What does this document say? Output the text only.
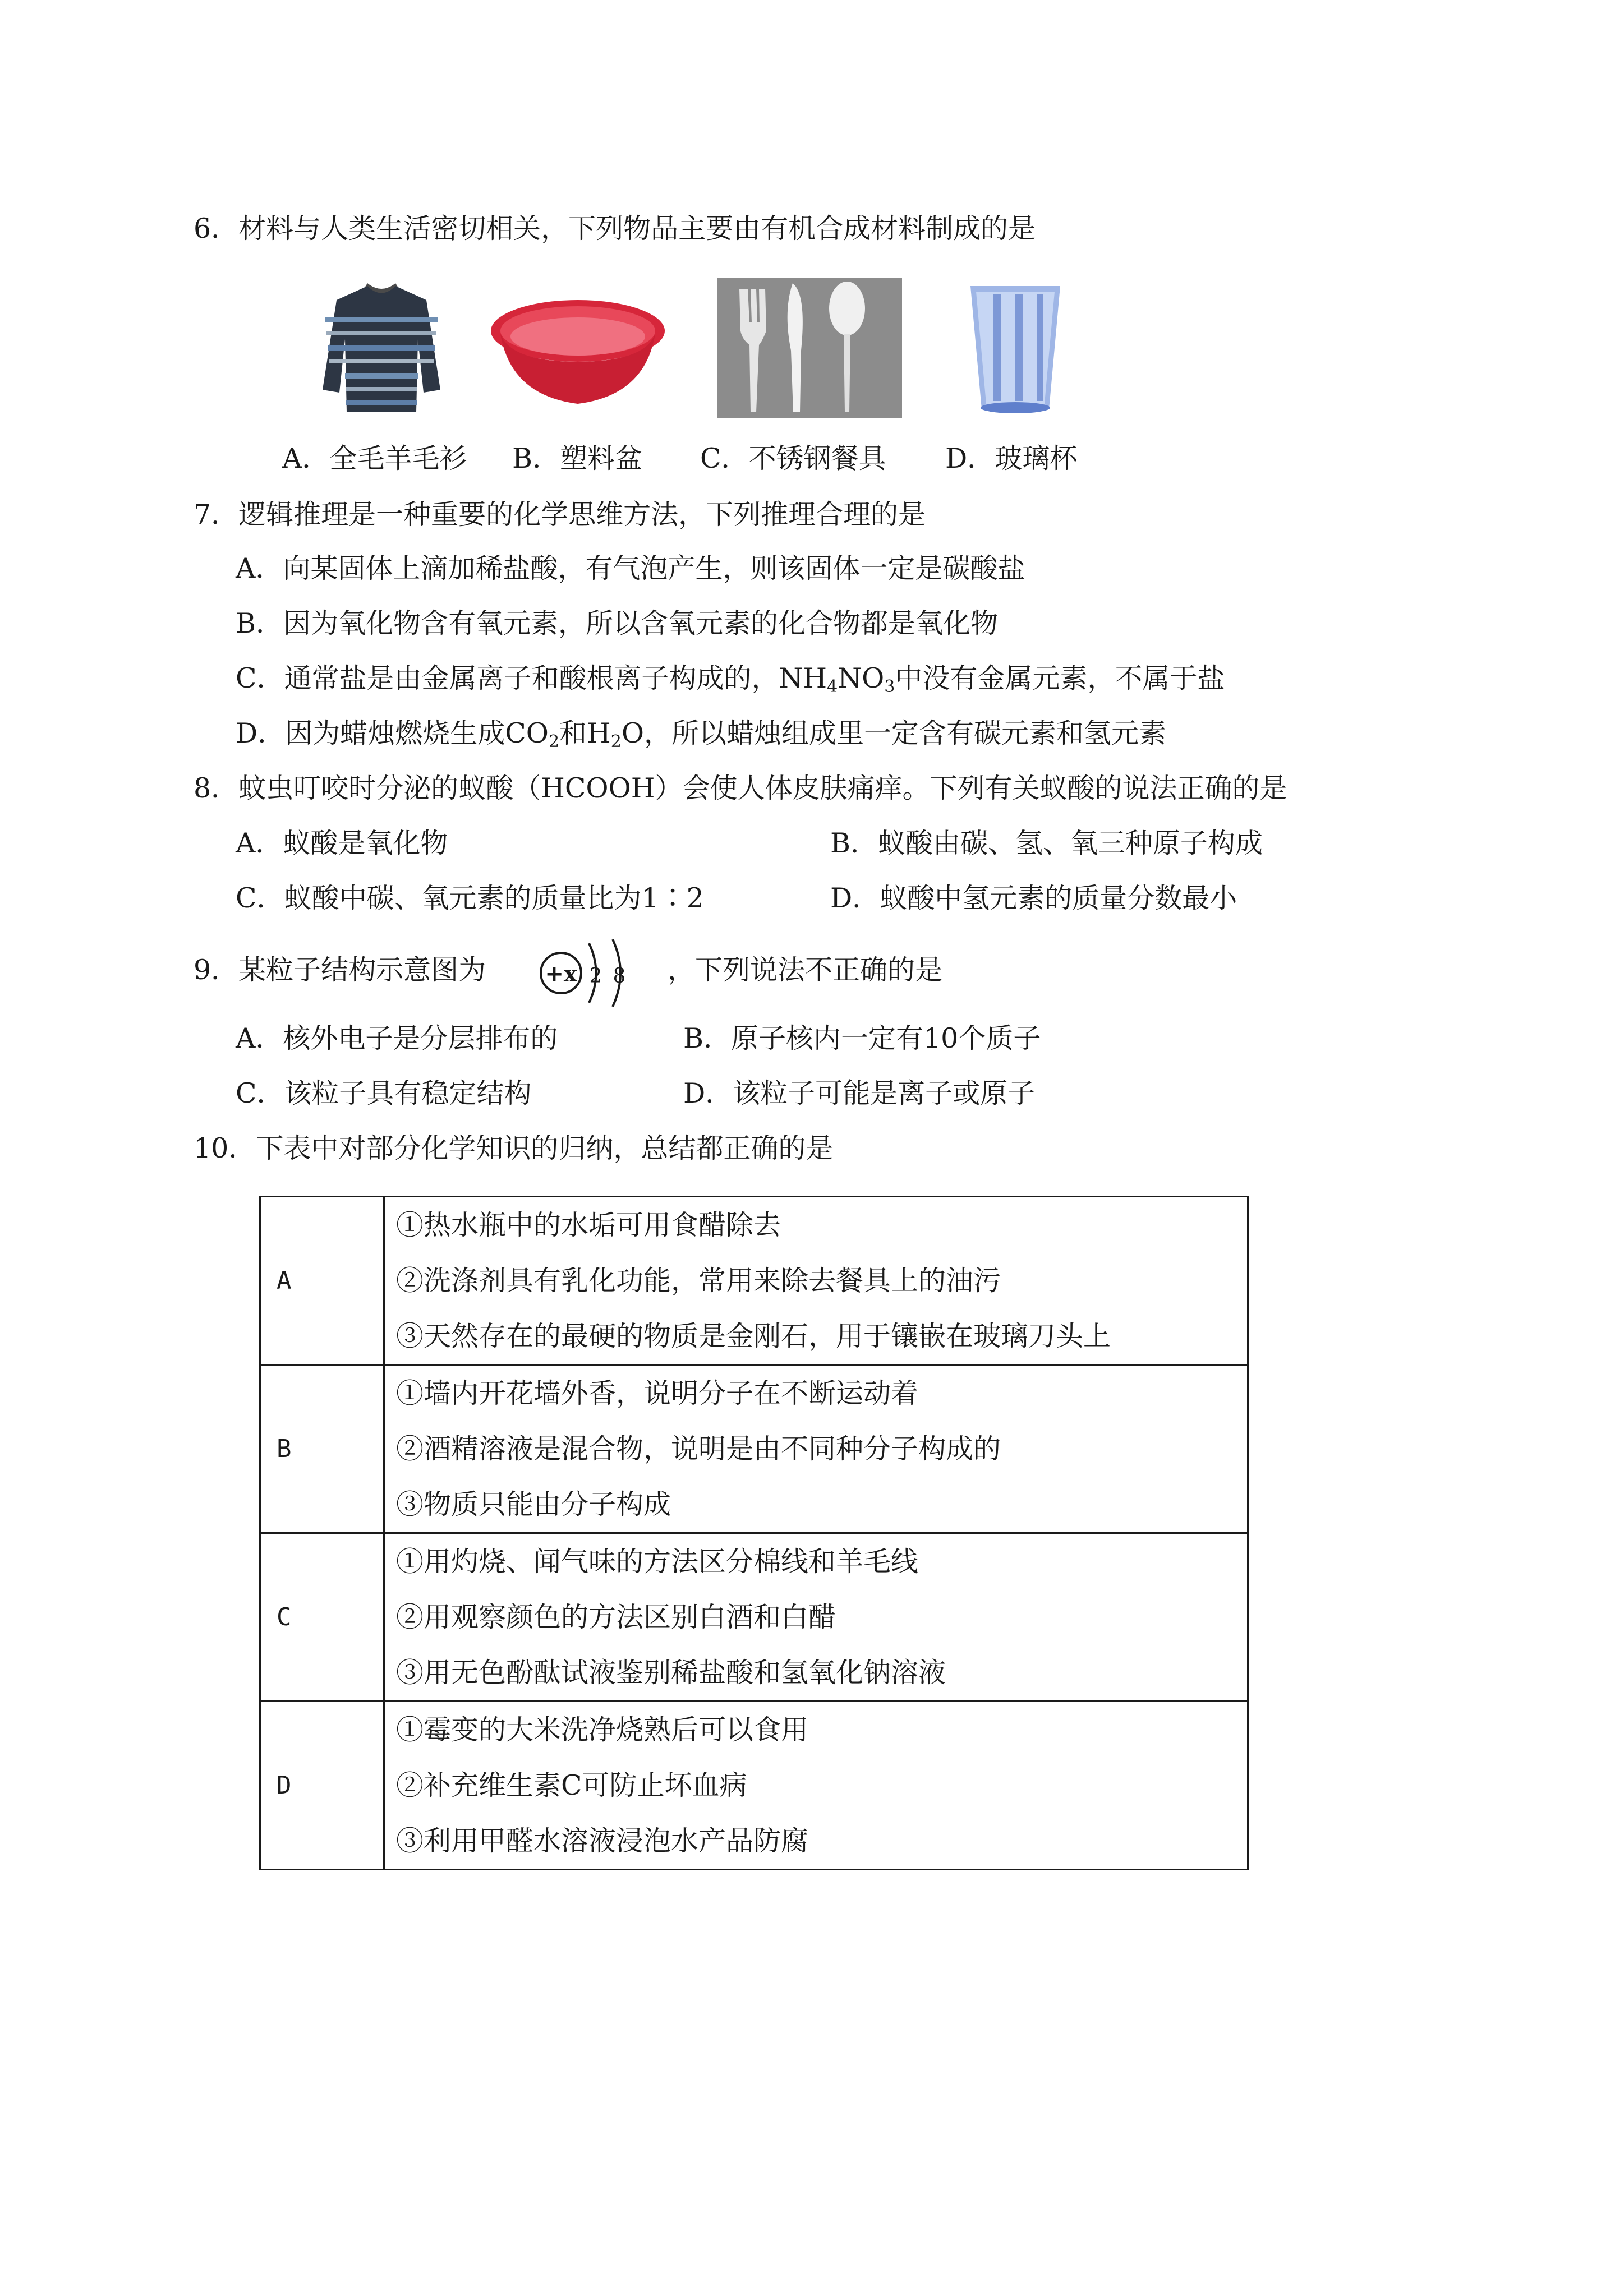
6．材料与人类生活密切相关，下列物品主要由有机合成材料制成的是
A．全毛羊毛衫 B．塑料盆 C．不锈钢餐具 D．玻璃杯
7．逻辑推理是一种重要的化学思维方法，下列推理合理的是
A．向某固体上滴加稀盐酸，有气泡产生，则该固体一定是碳酸盐
B．因为氧化物含有氧元素，所以含氧元素的化合物都是氧化物
C．通常盐是由金属离子和酸根离子构成的，$NH_4NO_3$中没有金属元素，不属于盐
D．因为蜡烛燃烧生成$CO_2$和$H_2O$，所以蜡烛组成里一定含有碳元素和氢元素
8．蚊虫叮咬时分泌的蚁酸（HCOOH）会使人体皮肤痛痒。下列有关蚁酸的说法正确的是
A．蚁酸是氧化物	B．蚁酸由碳、氢、氧三种原子构成
C．蚁酸中碳、氧元素的质量比为1∶2	D．蚁酸中氢元素的质量分数最小
9．某粒子结构示意图为	+x 2 8 ，下列说法不正确的是
A．核外电子是分层排布的	B．原子核内一定有10个质子
C．该粒子具有稳定结构	D．该粒子可能是离子或原子
10．下表中对部分化学知识的归纳，总结都正确的是
A	①热水瓶中的水垢可用食醋除去
②洗涤剂具有乳化功能，常用来除去餐具上的油污
③天然存在的最硬的物质是金刚石，用于镶嵌在玻璃刀头上

B	①墙内开花墙外香，说明分子在不断运动着
②酒精溶液是混合物，说明是由不同种分子构成的
③物质只能由分子构成

C	①用灼烧、闻气味的方法区分棉线和羊毛线
②用观察颜色的方法区别白酒和白醋
③用无色酚酞试液鉴别稀盐酸和氢氧化钠溶液

D	①霉变的大米洗净烧熟后可以食用
②补充维生素C可防止坏血病
③利用甲醛水溶液浸泡水产品防腐
